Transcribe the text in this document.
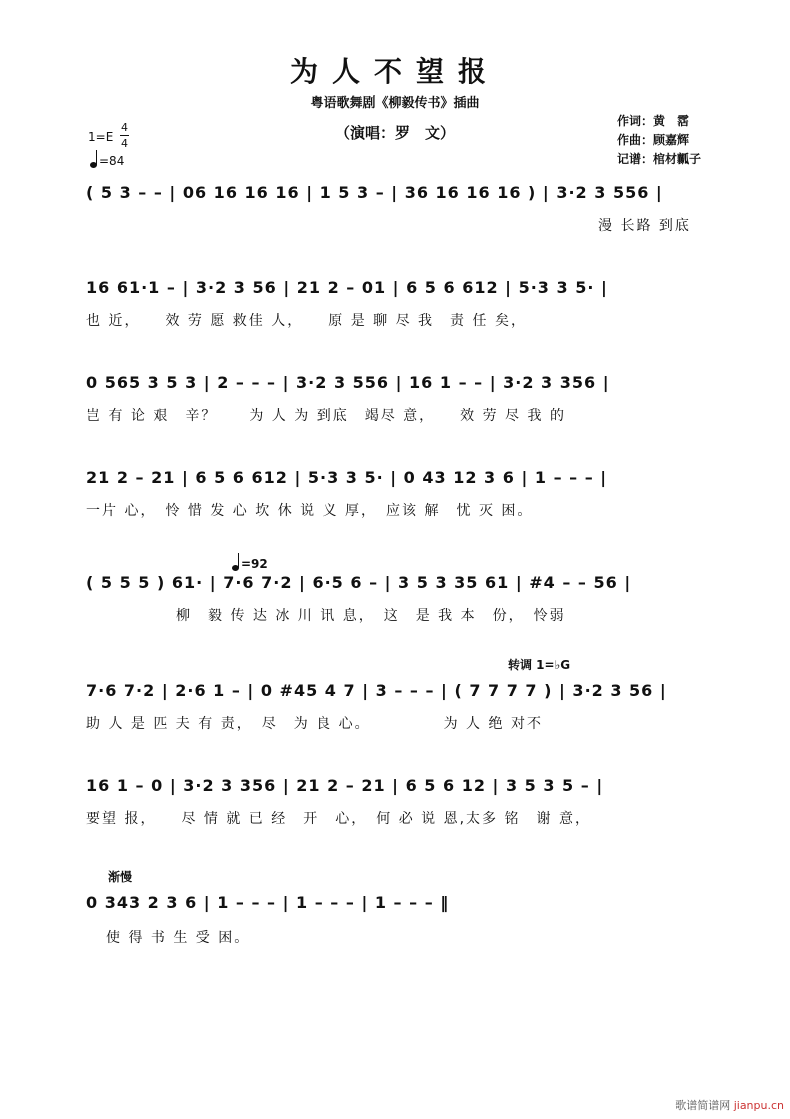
为人不望报
粤语歌舞剧《柳毅传书》插曲
（演唱：罗　文）
作词：黄　霑
作曲：顾嘉辉
记谱：棺材瓤子
1=E
4
4
=84
( 5 3 – – | 06 16 16 16 | 1 5 3 – | 36 16 16 16 ) | 3·2 3 556 |
漫 长路 到底
16 61·1 – | 3·2 3 56 | 21 2 – 01 | 6 5 6 612 | 5·3 3 5· |
也 近，　　效 劳 愿 救佳 人，　　原 是 聊 尽 我　责 任 矣，
0 565 3 5 3 | 2 – – – | 3·2 3 556 | 16 1 – – | 3·2 3 356 |
岂 有 论 艰　辛？　　为 人 为 到底　竭尽 意，　　效 劳 尽 我 的
21 2 – 21 | 6 5 6 612 | 5·3 3 5· | 0 43 12 3 6 | 1 – – – |
一片 心，　怜 惜 发 心 坎 休 说 义 厚，　应该 解　忧 灭 困。
=92
( 5 5 5 ) 61· | 7·6 7·2 | 6·5 6 – | 3 5 3 35 61 | #4 – – 56 |
柳　毅 传 达 冰 川 讯 息，　这　是 我 本　份，　怜弱
转调 1=♭G
7·6 7·2 | 2·6 1 – | 0 #45 4 7 | 3 – – – | ( 7 7 7 7 ) | 3·2 3 56 |
助 人 是 匹 夫 有 责，　尽　为 良 心。　　　　　为 人 绝 对不
16 1 – 0 | 3·2 3 356 | 21 2 – 21 | 6 5 6 12 | 3 5 3 5 – |
要望 报，　　尽 情 就 已 经　开　心，　何 必 说 恩,太多 铭　谢 意，
渐慢
0 343 2 3 6 | 1 – – – | 1 – – – | 1 – – – ‖
使 得 书 生 受 困。
歌谱简谱网 jianpu.cn
